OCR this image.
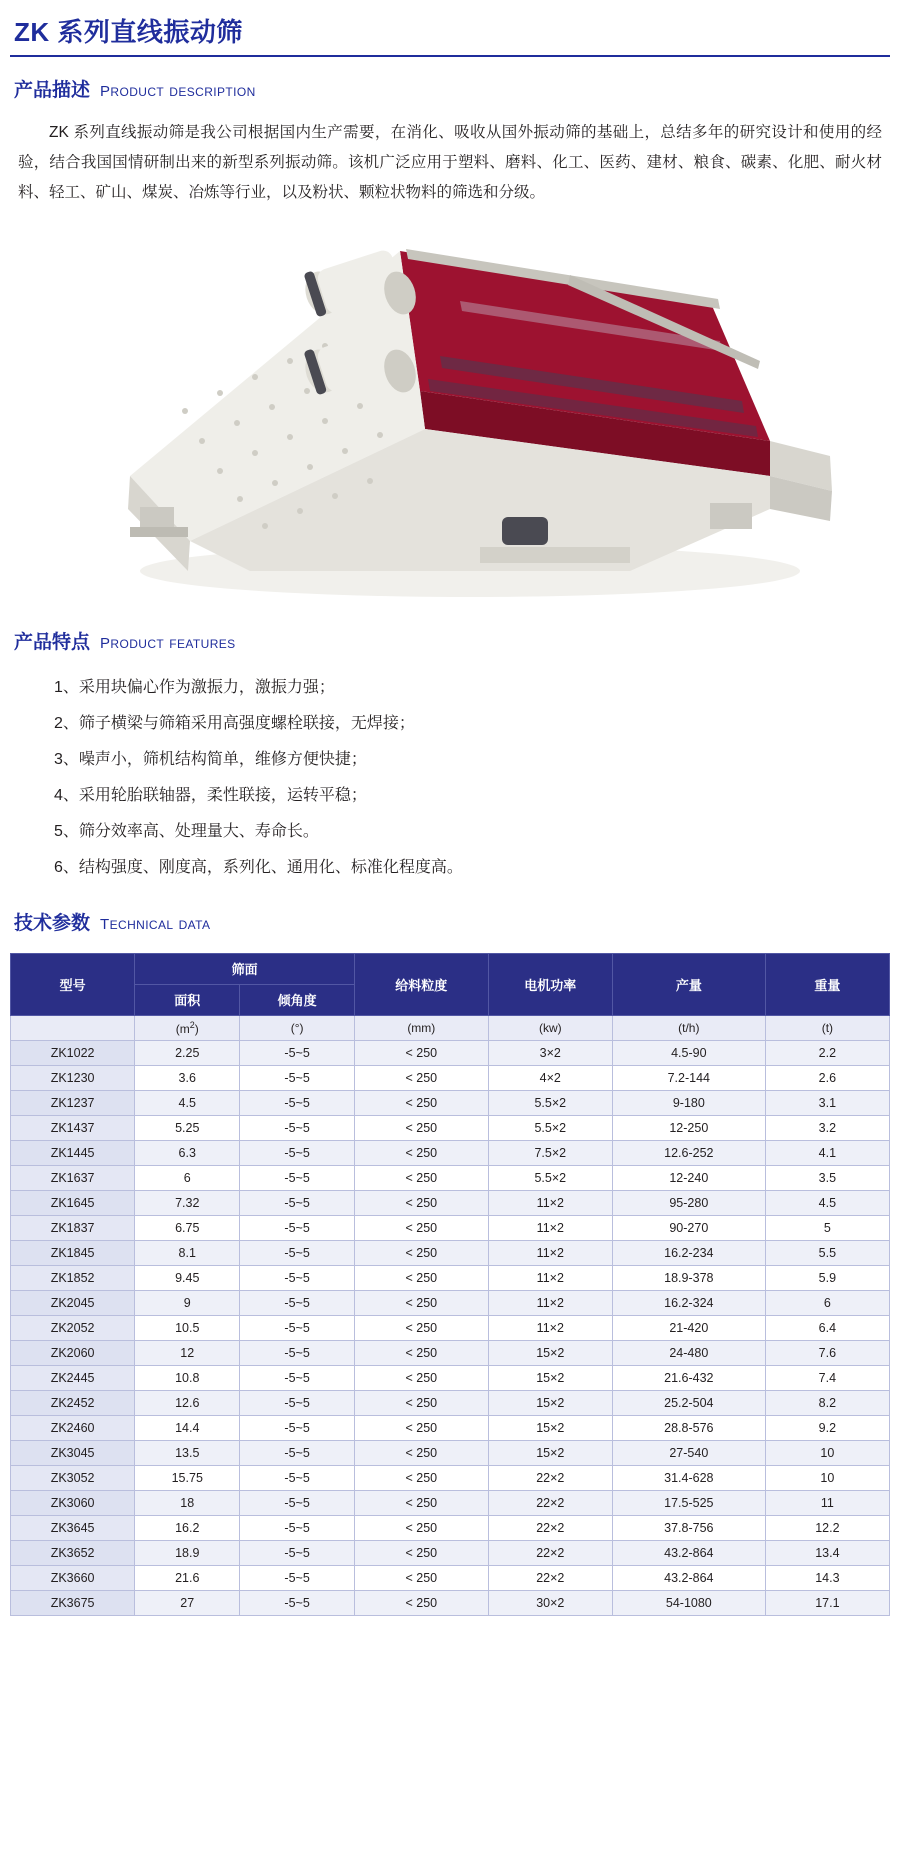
ZK 系列直线振动筛
产品描述 product description

ZK 系列直线振动筛是我公司根据国内生产需要，在消化、吸收从国外振动筛的基础上，总结多年的研究设计和使用的经验，结合我国国情研制出来的新型系列振动筛。该机广泛应用于塑料、磨料、化工、医药、建材、粮食、碳素、化肥、耐火材料、轻工、矿山、煤炭、冶炼等行业，以及粉状、颗粒状物料的筛选和分级。

产品特点 product features
1、采用块偏心作为激振力，激振力强；
2、筛子横梁与筛箱采用高强度螺栓联接，无焊接；
3、噪声小，筛机结构简单，维修方便快捷；
4、采用轮胎联轴器，柔性联接，运转平稳；
5、筛分效率高、处理量大、寿命长。
6、结构强度、刚度高，系列化、通用化、标准化程度高。
技术参数 technical data
型号	筛面		给料粒度	电机功率	产量	重量
	面积	倾角度				
	$(m^2)$	(°)	(mm)	(kw)	(t/h)	(t)
ZK1022	2.25	-5~5	< 250	3×2	4.5-90	2.2
ZK1230	3.6	-5~5	< 250	4×2	7.2-144	2.6
ZK1237	4.5	-5~5	< 250	5.5×2	9-180	3.1
ZK1437	5.25	-5~5	< 250	5.5×2	12-250	3.2
ZK1445	6.3	-5~5	< 250	7.5×2	12.6-252	4.1
ZK1637	6	-5~5	< 250	5.5×2	12-240	3.5
ZK1645	7.32	-5~5	< 250	11×2	95-280	4.5
ZK1837	6.75	-5~5	< 250	11×2	90-270	5
ZK1845	8.1	-5~5	< 250	11×2	16.2-234	5.5
ZK1852	9.45	-5~5	< 250	11×2	18.9-378	5.9
ZK2045	9	-5~5	< 250	11×2	16.2-324	6
ZK2052	10.5	-5~5	< 250	11×2	21-420	6.4
ZK2060	12	-5~5	< 250	15×2	24-480	7.6
ZK2445	10.8	-5~5	< 250	15×2	21.6-432	7.4
ZK2452	12.6	-5~5	< 250	15×2	25.2-504	8.2
ZK2460	14.4	-5~5	< 250	15×2	28.8-576	9.2
ZK3045	13.5	-5~5	< 250	15×2	27-540	10
ZK3052	15.75	-5~5	< 250	22×2	31.4-628	10
ZK3060	18	-5~5	< 250	22×2	17.5-525	11
ZK3645	16.2	-5~5	< 250	22×2	37.8-756	12.2
ZK3652	18.9	-5~5	< 250	22×2	43.2-864	13.4
ZK3660	21.6	-5~5	< 250	22×2	43.2-864	14.3
ZK3675	27	-5~5	< 250	30×2	54-1080	17.1
